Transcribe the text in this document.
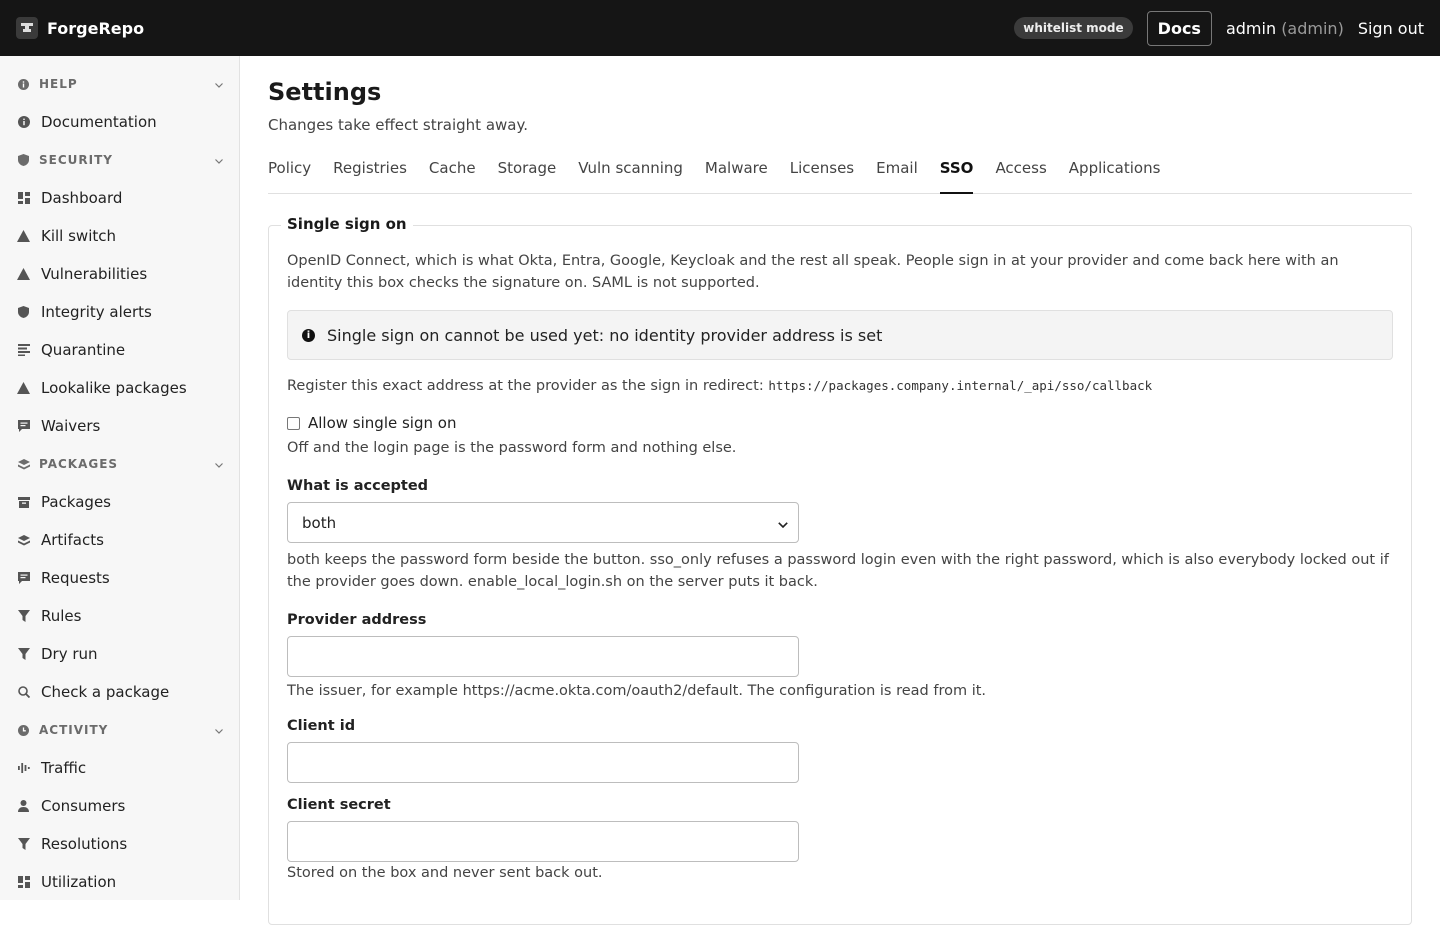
ForgeRepo	whitelist mode	Docs	admin (admin) Sign out
HELP
Documentation
SECURITY
Dashboard
Kill switch
Vulnerabilities
Integrity alerts
Quarantine
Lookalike packages
Waivers
PACKAGES
Packages
Artifacts
Requests
Rules
Dry run
Check a package
ACTIVITY
Traffic
Consumers
Resolutions
Utilization
Settings
Changes take effect straight away.
Policy Registries Cache Storage Vuln scanning Malware Licenses Email SSO Access Applications
Single sign on

OpenID Connect, which is what Okta, Entra, Google, Keycloak and the rest all speak. People sign in at your provider and come back here with an identity this box checks the signature on. SAML is not supported.

i Single sign on cannot be used yet: no identity provider address is set
Register this exact address at the provider as the sign in redirect: https://packages.company.internal/_api/sso/callback
Allow single sign on
Off and the login page is the password form and nothing else.
What is accepted
both
both keeps the password form beside the button. sso_only refuses a password login even with the right password, which is also everybody locked out if the provider goes down. enable_local_login.sh on the server puts it back.
Provider address
The issuer, for example https://acme.okta.com/oauth2/default. The configuration is read from it.
Client id
Client secret
Stored on the box and never sent back out.
